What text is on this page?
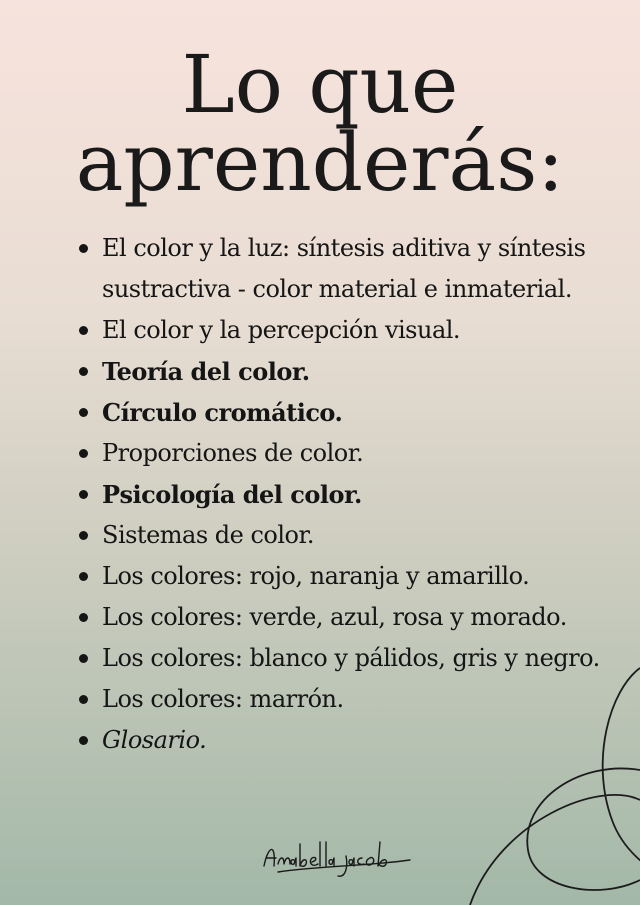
Lo que
aprenderás:
El color y la luz: síntesis aditiva y síntesis sustractiva - color material e inmaterial.
El color y la percepción visual.
Teoría del color.
Círculo cromático.
Proporciones de color.
Psicología del color.
Sistemas de color.
Los colores: rojo, naranja y amarillo.
Los colores: verde, azul, rosa y morado.
Los colores: blanco y pálidos, gris y negro.
Los colores: marrón.
Glosario.
